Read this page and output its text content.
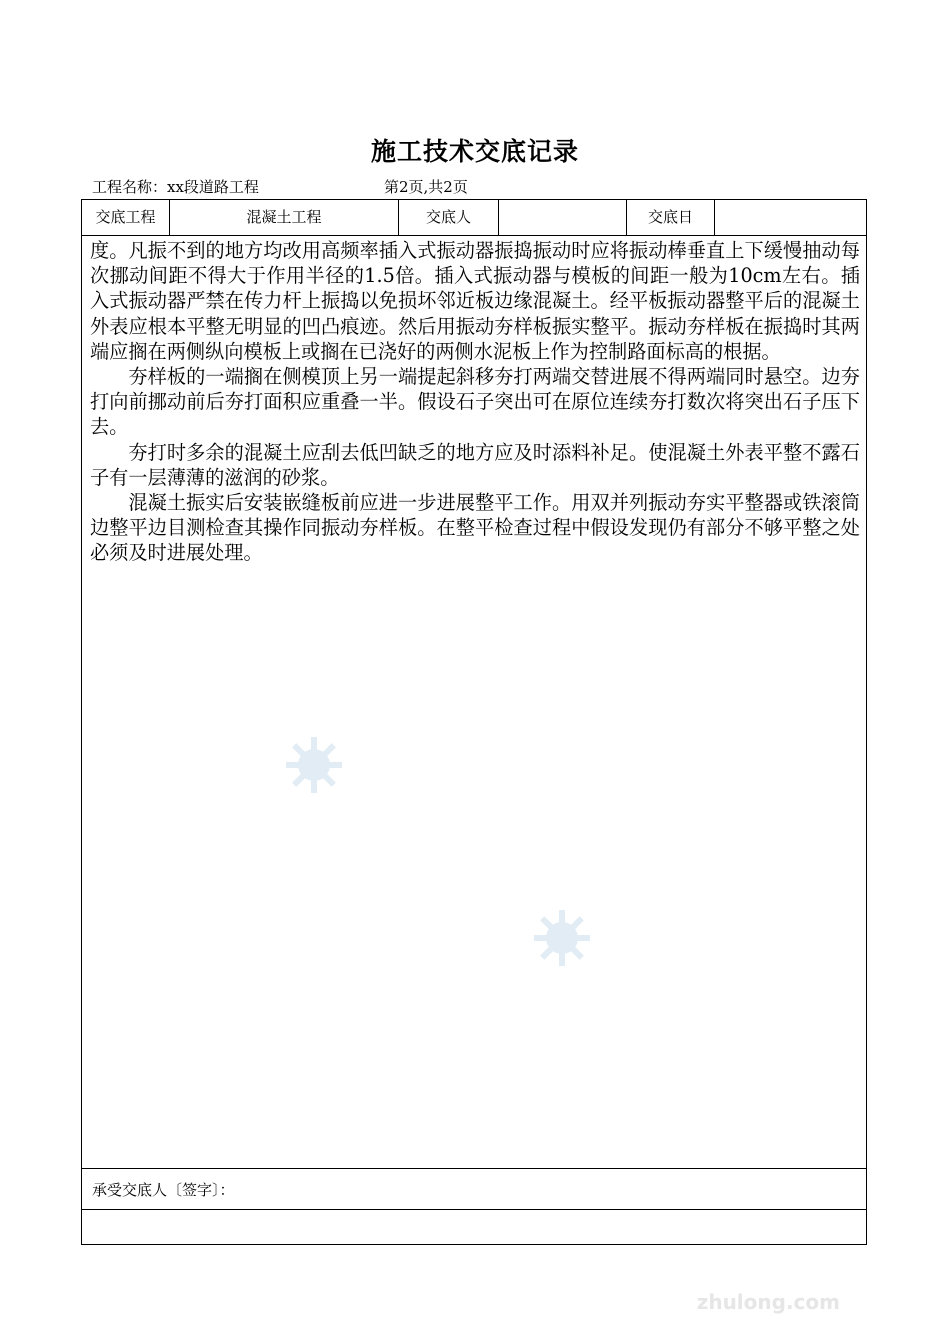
施工技术交底记录
工程名称：xx段道路工程	第2页,共2页
交底工程	混凝土工程	交底人	交底日

度。凡振不到的地方均改用高频率插入式振动器振捣振动时应将振动棒垂直上下缓慢抽动每次挪动间距不得大于作用半径的1.5倍。插入式振动器与模板的间距一般为10cm左右。插入式振动器严禁在传力杆上振捣以免损坏邻近板边缘混凝土。经平板振动器整平后的混凝土外表应根本平整无明显的凹凸痕迹。然后用振动夯样板振实整平。振动夯样板在振捣时其两端应搁在两侧纵向模板上或搁在已浇好的两侧水泥板上作为控制路面标高的根据。

夯样板的一端搁在侧模顶上另一端提起斜移夯打两端交替进展不得两端同时悬空。边夯打向前挪动前后夯打面积应重叠一半。假设石子突出可在原位连续夯打数次将突出石子压下去。

夯打时多余的混凝土应刮去低凹缺乏的地方应及时添料补足。使混凝土外表平整不露石子有一层薄薄的滋润的砂浆。

混凝土振实后安装嵌缝板前应进一步进展整平工作。用双并列振动夯实平整器或铁滚筒边整平边目测检查其操作同振动夯样板。在整平检查过程中假设发现仍有部分不够平整之处必须及时进展处理。

承受交底人〔签字〕：
zhulong.com
